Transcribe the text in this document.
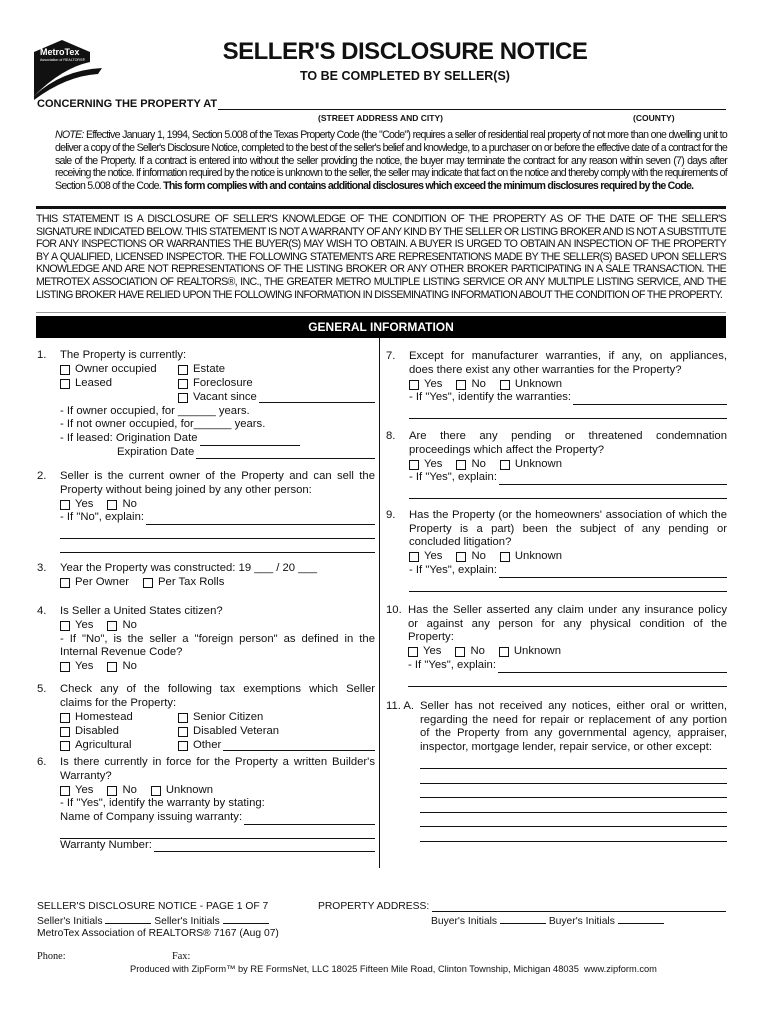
MetroTex
Association of REALTORS®	SELLER'S DISCLOSURE NOTICE
TO BE COMPLETED BY SELLER(S)
CONCERNING THE PROPERTY AT
(STREET ADDRESS AND CITY)	(COUNTY)
NOTE: Effective January 1, 1994, Section 5.008 of the Texas Property Code (the "Code") requires a seller of residential real property of not more than one dwelling unit to deliver a copy of the Seller's Disclosure Notice, completed to the best of the seller's belief and knowledge, to a purchaser on or before the effective date of a contract for the sale of the Property. If a contract is entered into without the seller providing the notice, the buyer may terminate the contract for any reason within seven (7) days after receiving the notice. If information required by the notice is unknown to the seller, the seller may indicate that fact on the notice and thereby comply with the requirements of Section 5.008 of the Code. This form complies with and contains additional disclosures which exceed the minimum disclosures required by the Code.
THIS STATEMENT IS A DISCLOSURE OF SELLER'S KNOWLEDGE OF THE CONDITION OF THE PROPERTY AS OF THE DATE OF THE SELLER'S SIGNATURE INDICATED BELOW. THIS STATEMENT IS NOT A WARRANTY OF ANY KIND BY THE SELLER OR LISTING BROKER AND IS NOT A SUBSTITUTE FOR ANY INSPECTIONS OR WARRANTIES THE BUYER(S) MAY WISH TO OBTAIN. A BUYER IS URGED TO OBTAIN AN INSPECTION OF THE PROPERTY BY A QUALIFIED, LICENSED INSPECTOR. THE FOLLOWING STATEMENTS ARE REPRESENTATIONS MADE BY THE SELLER(S) BASED UPON SELLER'S KNOWLEDGE AND ARE NOT REPRESENTATIONS OF THE LISTING BROKER OR ANY OTHER BROKER PARTICIPATING IN A SALE TRANSACTION. THE METROTEX ASSOCIATION OF REALTORS®, INC., THE GREATER METRO MULTIPLE LISTING SERVICE OR ANY MULTIPLE LISTING SERVICE, AND THE LISTING BROKER HAVE RELIED UPON THE FOLLOWING INFORMATION IN DISSEMINATING INFORMATION ABOUT THE CONDITION OF THE PROPERTY.
GENERAL INFORMATION
1. The Property is currently:
Owner occupied	Estate
Leased	Foreclosure
Vacant since
- If owner occupied, for ______ years.
- If not owner occupied, for______ years.
- If leased: Origination Date
Expiration Date
2. Seller is the current owner of the Property and can sell the
Property without being joined by any other person:
Yes	No
- If "No", explain:
3. Year the Property was constructed: 19 ___ / 20 ___
Per Owner	Per Tax Rolls
4. Is Seller a United States citizen?
Yes	No
- If "No", is the seller a "foreign person" as defined in the
Internal Revenue Code?
Yes	No
5. Check any of the following tax exemptions which Seller
claims for the Property:
Homestead	Senior Citizen
Disabled	Disabled Veteran
Agricultural	Other
6. Is there currently in force for the Property a written Builder's
Warranty?
Yes	No	Unknown
- If "Yes", identify the warranty by stating:
Name of Company issuing warranty:
Warranty Number:
7. Except for manufacturer warranties, if any, on appliances,
does there exist any other warranties for the Property?
Yes	No	Unknown
- If "Yes", identify the warranties:
8. Are there any pending or threatened condemnation
proceedings which affect the Property?
Yes	No	Unknown
- If "Yes", explain:
9. Has the Property (or the homeowners' association of which the
Property is a part) been the subject of any pending or
concluded litigation?
Yes	No	Unknown
- If "Yes", explain:
10. Has the Seller asserted any claim under any insurance policy
or against any person for any physical condition of the
Property:
Yes	No	Unknown
- If "Yes", explain:
11. A. Seller has not received any notices, either oral or written,
regarding the need for repair or replacement of any portion
of the Property from any governmental agency, appraiser,
inspector, mortgage lender, repair service, or other except:
SELLER'S DISCLOSURE NOTICE - PAGE 1 OF 7
Seller's Initials	Seller's Initials
MetroTex Association of REALTORS® 7167 (Aug 07)
PROPERTY ADDRESS:
Buyer's Initials	Buyer's Initials
Phone:	Fax:
Produced with ZipForm™ by RE FormsNet, LLC 18025 Fifteen Mile Road, Clinton Township, Michigan 48035 www.zipform.com
